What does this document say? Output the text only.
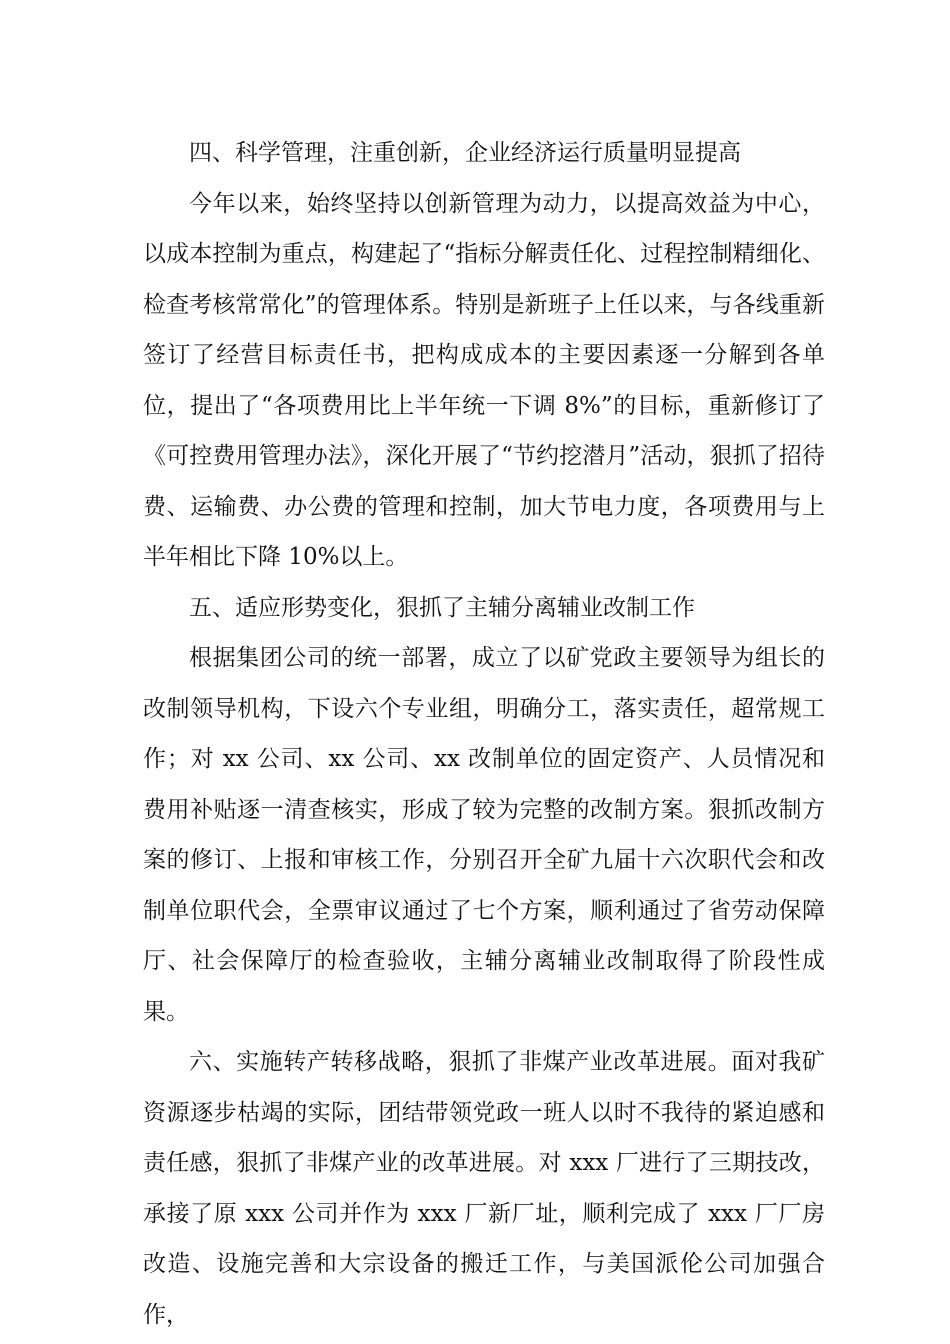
四、科学管理，注重创新，企业经济运行质量明显提高

今年以来，始终坚持以创新管理为动力，以提高效益为中心，以成本控制为重点，构建起了“指标分解责任化、过程控制精细化、检查考核常常化”的管理体系。特别是新班子上任以来，与各线重新签订了经营目标责任书，把构成成本的主要因素逐一分解到各单位，提出了“各项费用比上半年统一下调 8%”的目标，重新修订了《可控费用管理办法》，深化开展了“节约挖潜月”活动，狠抓了招待费、运输费、办公费的管理和控制，加大节电力度，各项费用与上半年相比下降 10%以上。

五、适应形势变化，狠抓了主辅分离辅业改制工作

根据集团公司的统一部署，成立了以矿党政主要领导为组长的改制领导机构，下设六个专业组，明确分工，落实责任，超常规工作；对 xx 公司、xx 公司、xx 改制单位的固定资产、人员情况和费用补贴逐一清查核实，形成了较为完整的改制方案。狠抓改制方案的修订、上报和审核工作，分别召开全矿九届十六次职代会和改制单位职代会，全票审议通过了七个方案，顺利通过了省劳动保障厅、社会保障厅的检查验收，主辅分离辅业改制取得了阶段性成果。

六、实施转产转移战略，狠抓了非煤产业改革进展。面对我矿资源逐步枯竭的实际，团结带领党政一班人以时不我待的紧迫感和责任感，狠抓了非煤产业的改革进展。对 xxx 厂进行了三期技改，承接了原 xxx 公司并作为 xxx 厂新厂址，顺利完成了 xxx 厂厂房改造、设施完善和大宗设备的搬迁工作，与美国派伦公司加强合作，
